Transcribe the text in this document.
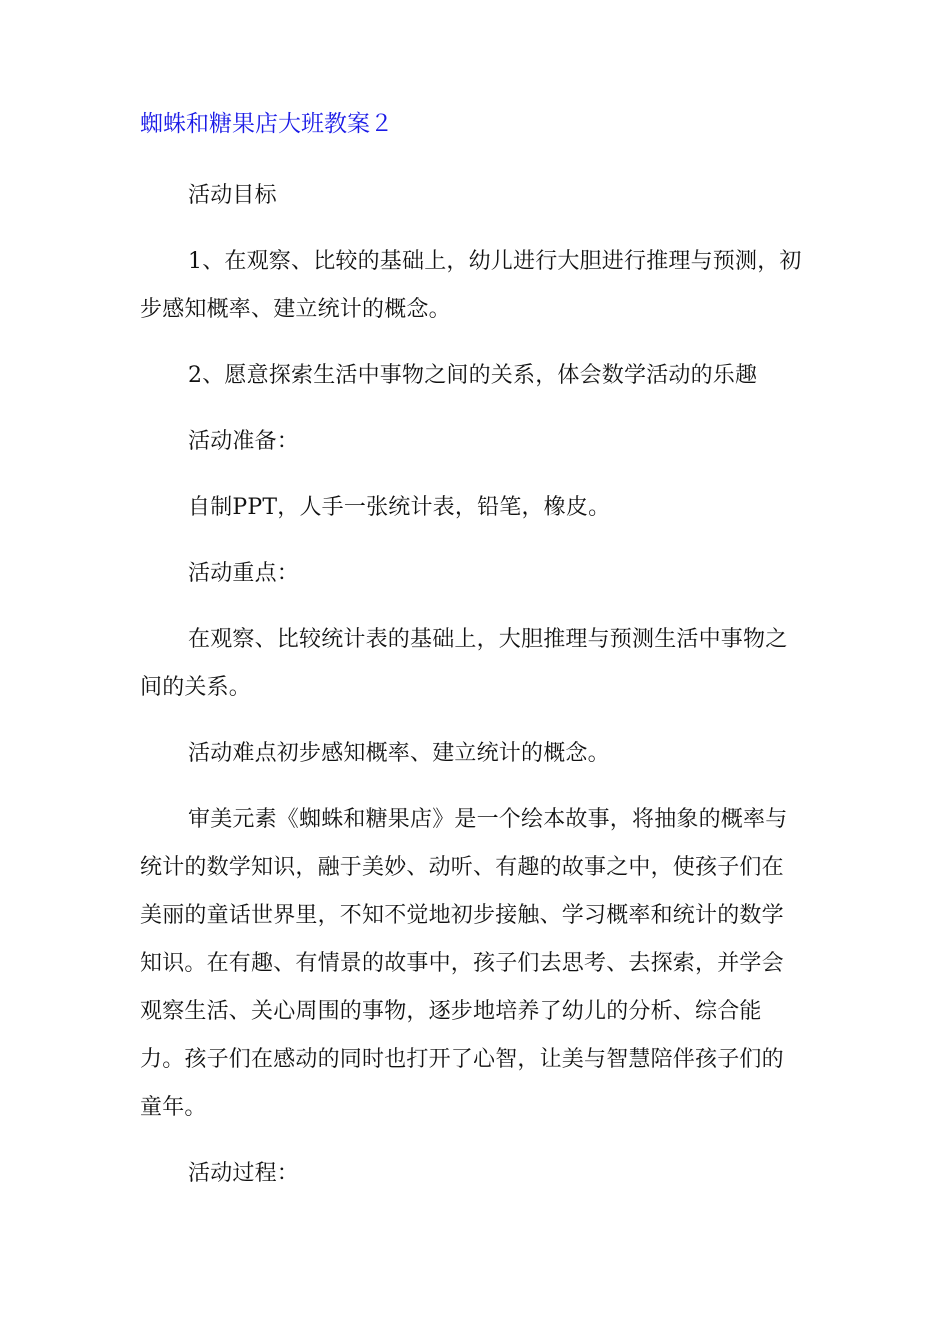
蜘蛛和糖果店大班教案２

活动目标

1、在观察、比较的基础上，幼儿进行大胆进行推理与预测，初步感知概率、建立统计的概念。

2、愿意探索生活中事物之间的关系，体会数学活动的乐趣

活动准备：

自制PPT，人手一张统计表，铅笔，橡皮。

活动重点：

在观察、比较统计表的基础上，大胆推理与预测生活中事物之间的关系。

活动难点初步感知概率、建立统计的概念。

审美元素《蜘蛛和糖果店》是一个绘本故事，将抽象的概率与统计的数学知识，融于美妙、动听、有趣的故事之中，使孩子们在美丽的童话世界里，不知不觉地初步接触、学习概率和统计的数学知识。在有趣、有情景的故事中，孩子们去思考、去探索，并学会观察生活、关心周围的事物，逐步地培养了幼儿的分析、综合能力。孩子们在感动的同时也打开了心智，让美与智慧陪伴孩子们的童年。

活动过程：
